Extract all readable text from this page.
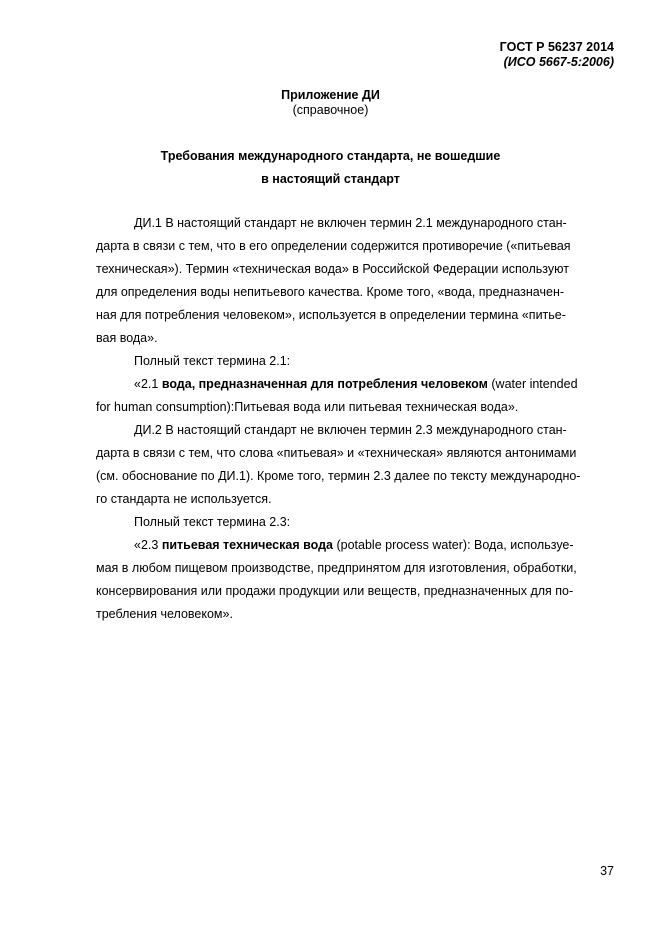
ГОСТ Р 56237 2014
(ИСО 5667-5:2006)
Приложение ДИ
(справочное)
Требования международного стандарта, не вошедшие
в настоящий стандарт

ДИ.1 В настоящий стандарт не включен термин 2.1 международного стан-

дарта в связи с тем, что в его определении содержится противоречие («питьевая

техническая»). Термин «техническая вода» в Российской Федерации используют

для определения воды непитьевого качества. Кроме того, «вода, предназначен-

ная для потребления человеком», используется в определении термина «питье-

вая вода».

Полный текст термина 2.1:

«2.1 вода, предназначенная для потребления человеком (water intended

for human consumption):Питьевая вода или питьевая техническая вода».

ДИ.2 В настоящий стандарт не включен термин 2.3 международного стан-

дарта в связи с тем, что слова «питьевая» и «техническая» являются антонимами

(см. обоснование по ДИ.1). Кроме того, термин 2.3 далее по тексту международно-

го стандарта не используется.

Полный текст термина 2.3:

«2.3 питьевая техническая вода (potable process water): Вода, используе-

мая в любом пищевом производстве, предпринятом для изготовления, обработки,

консервирования или продажи продукции или веществ, предназначенных для по-

требления человеком».

37
